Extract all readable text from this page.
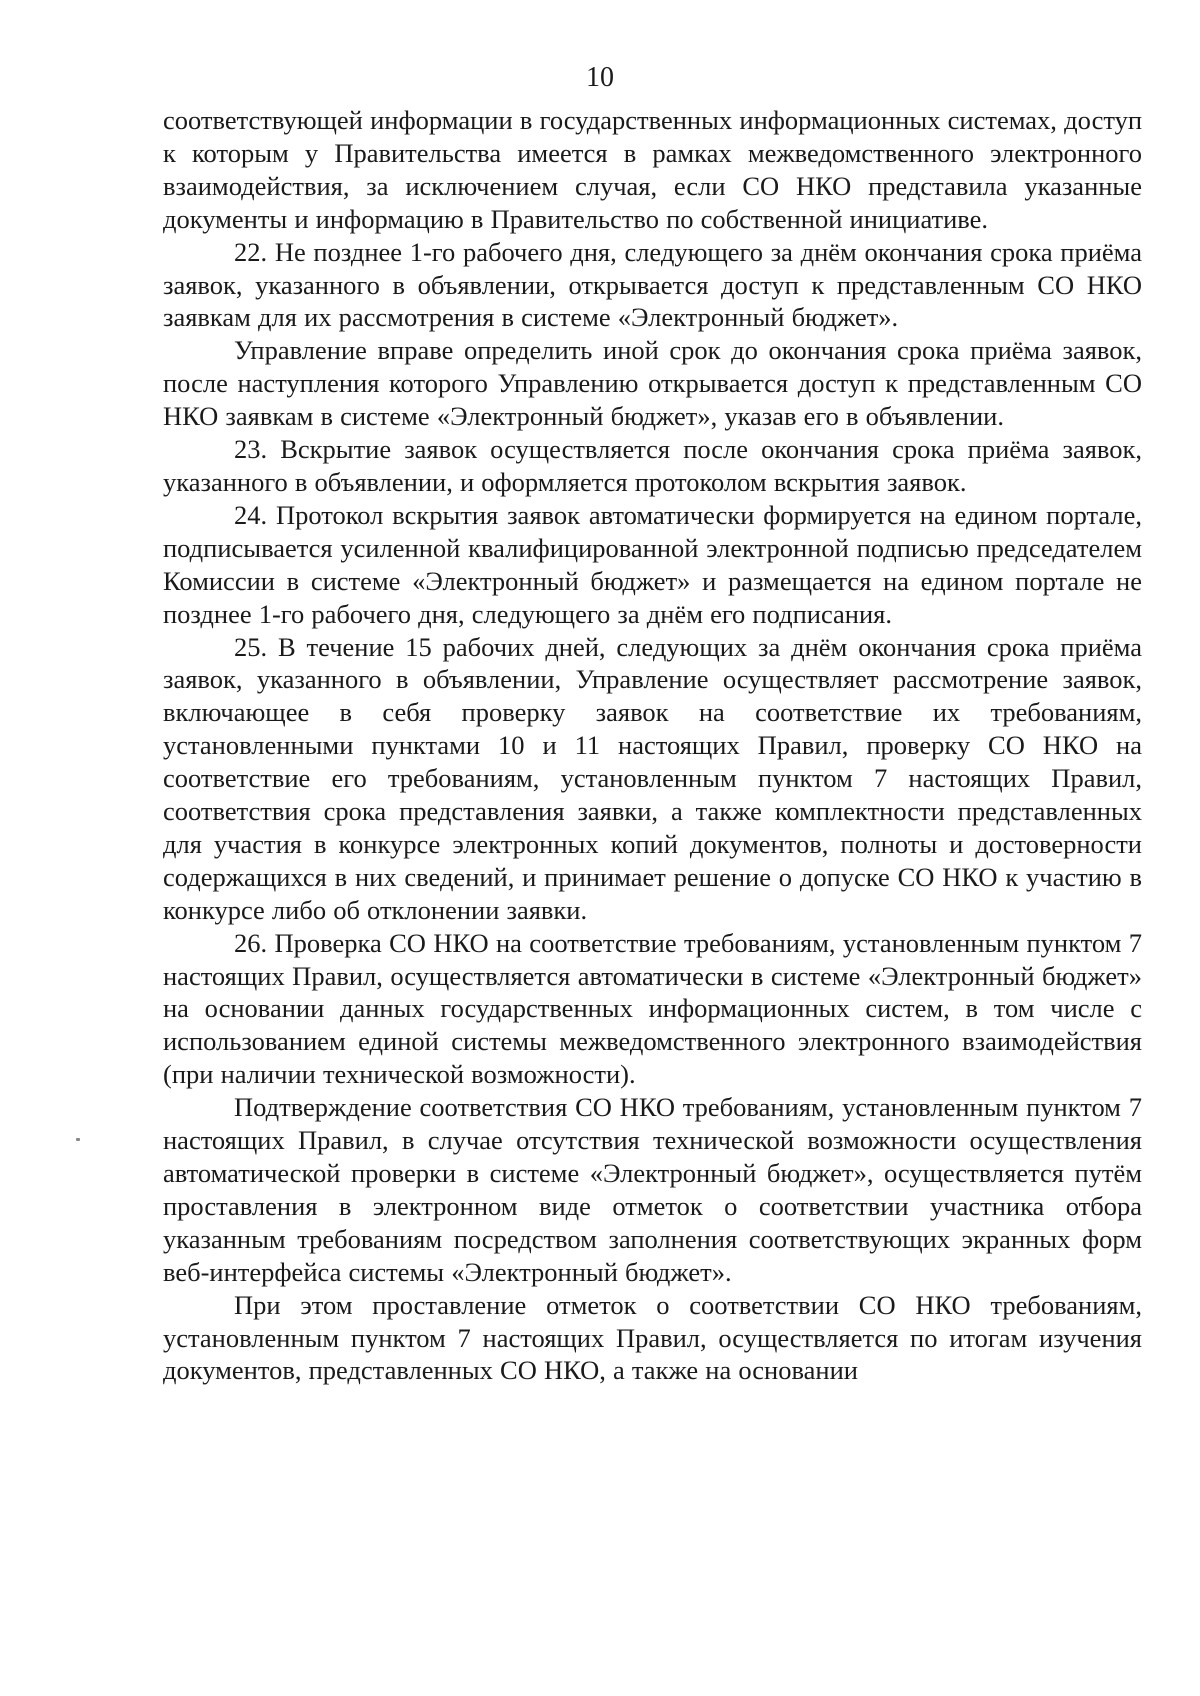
10

соответствующей информации в государственных информационных системах, доступ к которым у Правительства имеется в рамках межведомственного электронного взаимодействия, за исключением случая, если СО НКО представила указанные документы и информацию в Правительство по собственной инициативе.

22. Не позднее 1-го рабочего дня, следующего за днём окончания срока приёма заявок, указанного в объявлении, открывается доступ к представленным СО НКО заявкам для их рассмотрения в системе «Электронный бюджет».

Управление вправе определить иной срок до окончания срока приёма заявок, после наступления которого Управлению открывается доступ к представленным СО НКО заявкам в системе «Электронный бюджет», указав его в объявлении.

23. Вскрытие заявок осуществляется после окончания срока приёма заявок, указанного в объявлении, и оформляется протоколом вскрытия заявок.

24. Протокол вскрытия заявок автоматически формируется на едином портале, подписывается усиленной квалифицированной электронной подписью председателем Комиссии в системе «Электронный бюджет» и размещается на едином портале не позднее 1-го рабочего дня, следующего за днём его подписания.

25. В течение 15 рабочих дней, следующих за днём окончания срока приёма заявок, указанного в объявлении, Управление осуществляет рассмотрение заявок, включающее в себя проверку заявок на соответствие их требованиям, установленными пунктами 10 и 11 настоящих Правил, проверку СО НКО на соответствие его требованиям, установленным пунктом 7 настоящих Правил, соответствия срока представления заявки, а также комплектности представленных для участия в конкурсе электронных копий документов, полноты и достоверности содержащихся в них сведений, и принимает решение о допуске СО НКО к участию в конкурсе либо об отклонении заявки.

26. Проверка СО НКО на соответствие требованиям, установленным пунктом 7 настоящих Правил, осуществляется автоматически в системе «Электронный бюджет» на основании данных государственных информационных систем, в том числе с использованием единой системы межведомственного электронного взаимодействия (при наличии технической возможности).

Подтверждение соответствия СО НКО требованиям, установленным пунктом 7 настоящих Правил, в случае отсутствия технической возможности осуществления автоматической проверки в системе «Электронный бюджет», осуществляется путём проставления в электронном виде отметок о соответствии участника отбора указанным требованиям посредством заполнения соответствующих экранных форм веб-интерфейса системы «Электронный бюджет».

При этом проставление отметок о соответствии СО НКО требованиям, установленным пунктом 7 настоящих Правил, осуществляется по итогам изучения документов, представленных СО НКО, а также на основании
